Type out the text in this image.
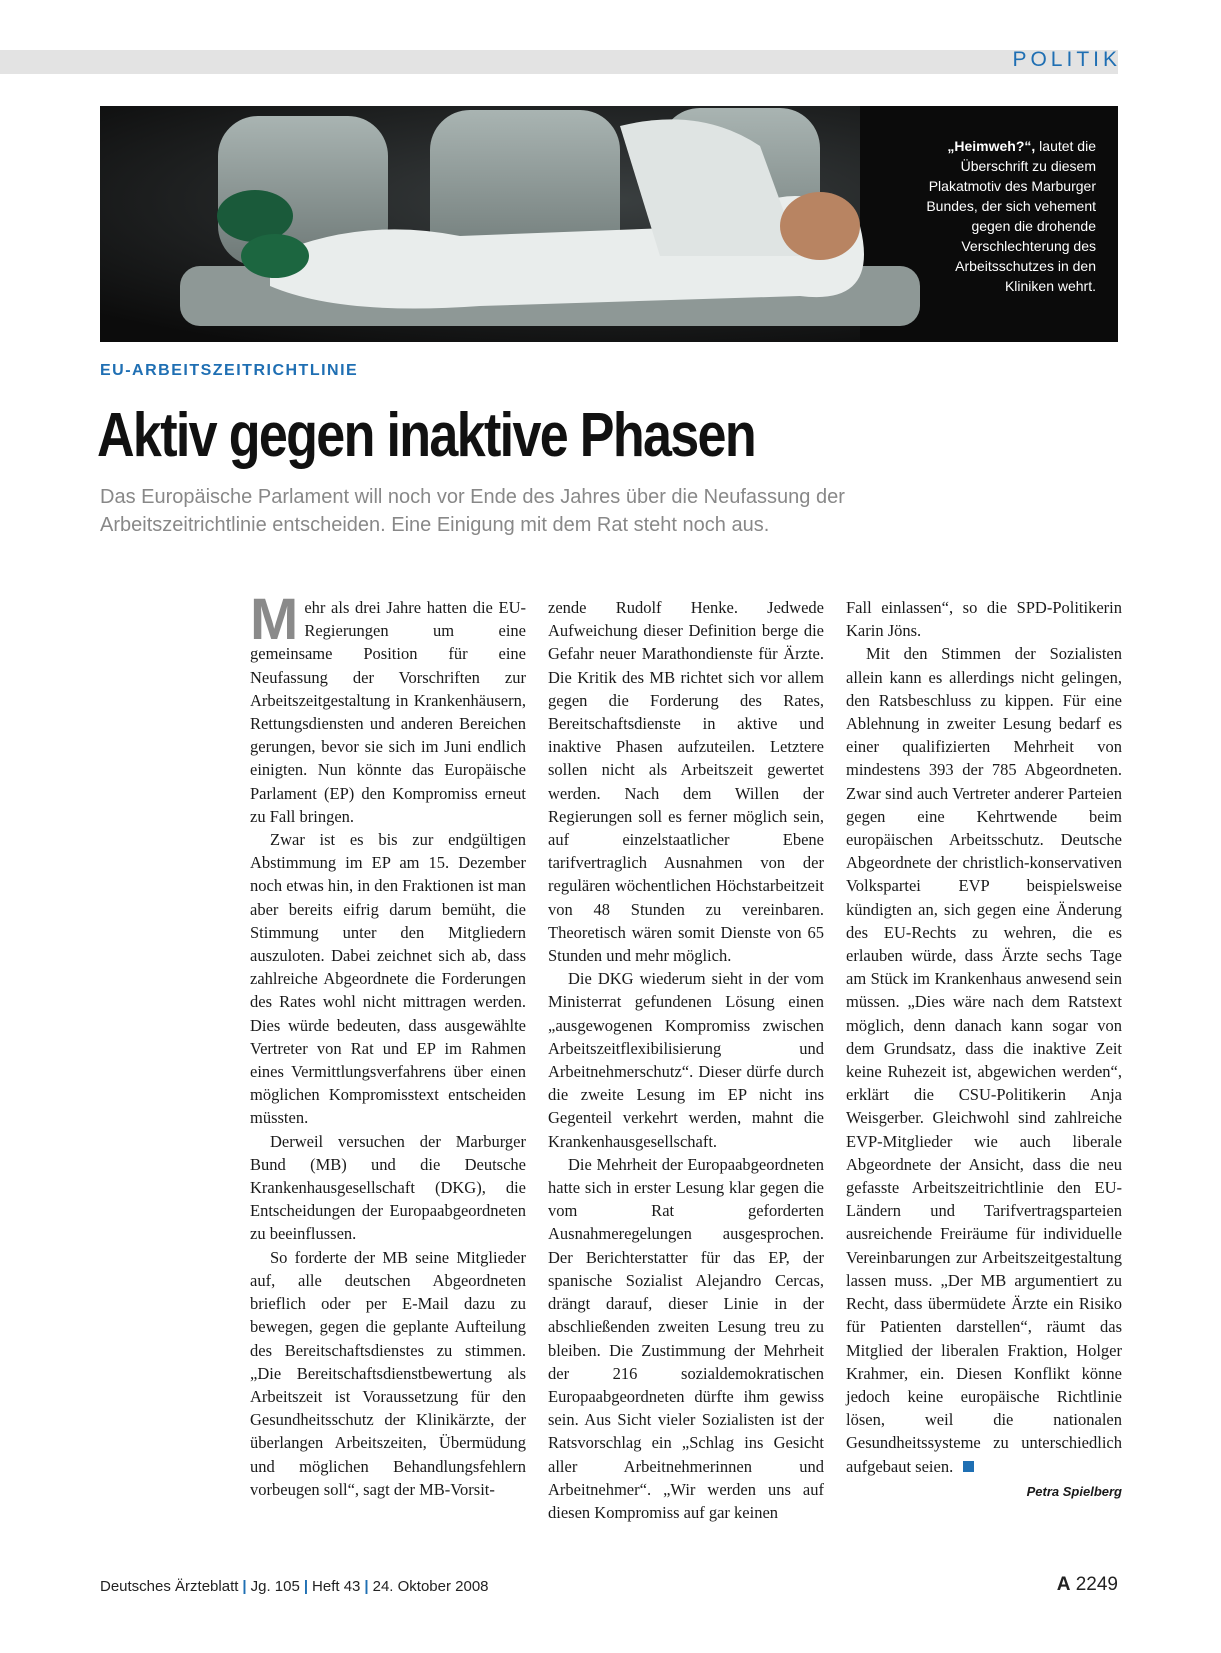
POLITIK
„Heimweh?“, lautet die Überschrift zu diesem Plakatmotiv des Marburger Bundes, der sich vehement gegen die drohende Verschlechterung des Arbeitsschutzes in den Kliniken wehrt.
EU-ARBEITSZEITRICHTLINIE
Aktiv gegen inaktive Phasen
Das Europäische Parlament will noch vor Ende des Jahres über die Neufassung der Arbeitszeitrichtlinie entscheiden. Eine Einigung mit dem Rat steht noch aus.

Mehr als drei Jahre hatten die EU-Regierungen um eine gemeinsame Position für eine Neufassung der Vorschriften zur Arbeitszeitgestaltung in Krankenhäusern, Rettungsdiensten und anderen Bereichen gerungen, bevor sie sich im Juni endlich einigten. Nun könnte das Europäische Parlament (EP) den Kompromiss erneut zu Fall bringen.

Zwar ist es bis zur endgültigen Abstimmung im EP am 15. Dezember noch etwas hin, in den Fraktionen ist man aber bereits eifrig darum bemüht, die Stimmung unter den Mitgliedern auszuloten. Dabei zeichnet sich ab, dass zahlreiche Abgeordnete die Forderungen des Rates wohl nicht mittragen werden. Dies würde bedeuten, dass ausgewählte Vertreter von Rat und EP im Rahmen eines Vermittlungsverfahrens über einen möglichen Kompromisstext entscheiden müssten.

Derweil versuchen der Marburger Bund (MB) und die Deutsche Krankenhausgesellschaft (DKG), die Entscheidungen der Europaabgeordneten zu beeinflussen.

So forderte der MB seine Mitglieder auf, alle deutschen Abgeordneten brieflich oder per E-Mail dazu zu bewegen, gegen die geplante Aufteilung des Bereitschaftsdienstes zu stimmen. „Die Bereitschaftsdienstbewertung als Arbeitszeit ist Voraussetzung für den Gesundheitsschutz der Klinikärzte, der überlangen Arbeitszeiten, Übermüdung und möglichen Behandlungsfehlern vorbeugen soll“, sagt der MB-Vorsit-

zende Rudolf Henke. Jedwede Aufweichung dieser Definition berge die Gefahr neuer Marathondienste für Ärzte. Die Kritik des MB richtet sich vor allem gegen die Forderung des Rates, Bereitschaftsdienste in aktive und inaktive Phasen aufzuteilen. Letztere sollen nicht als Arbeitszeit gewertet werden. Nach dem Willen der Regierungen soll es ferner möglich sein, auf einzelstaatlicher Ebene tarifvertraglich Ausnahmen von der regulären wöchentlichen Höchstarbeitzeit von 48 Stunden zu vereinbaren. Theoretisch wären somit Dienste von 65 Stunden und mehr möglich.

Die DKG wiederum sieht in der vom Ministerrat gefundenen Lösung einen „ausgewogenen Kompromiss zwischen Arbeitszeitflexibilisierung und Arbeitnehmerschutz“. Dieser dürfe durch die zweite Lesung im EP nicht ins Gegenteil verkehrt werden, mahnt die Krankenhausgesellschaft.

Die Mehrheit der Europaabgeordneten hatte sich in erster Lesung klar gegen die vom Rat geforderten Ausnahmeregelungen ausgesprochen. Der Berichterstatter für das EP, der spanische Sozialist Alejandro Cercas, drängt darauf, dieser Linie in der abschließenden zweiten Lesung treu zu bleiben. Die Zustimmung der Mehrheit der 216 sozialdemokratischen Europaabgeordneten dürfte ihm gewiss sein. Aus Sicht vieler Sozialisten ist der Ratsvorschlag ein „Schlag ins Gesicht aller Arbeitnehmerinnen und Arbeitnehmer“. „Wir werden uns auf diesen Kompromiss auf gar keinen

Fall einlassen“, so die SPD-Politikerin Karin Jöns.

Mit den Stimmen der Sozialisten allein kann es allerdings nicht gelingen, den Ratsbeschluss zu kippen. Für eine Ablehnung in zweiter Lesung bedarf es einer qualifizierten Mehrheit von mindestens 393 der 785 Abgeordneten. Zwar sind auch Vertreter anderer Parteien gegen eine Kehrtwende beim europäischen Arbeitsschutz. Deutsche Abgeordnete der christlich-konservativen Volkspartei EVP beispielsweise kündigten an, sich gegen eine Änderung des EU-Rechts zu wehren, die es erlauben würde, dass Ärzte sechs Tage am Stück im Krankenhaus anwesend sein müssen. „Dies wäre nach dem Ratstext möglich, denn danach kann sogar von dem Grundsatz, dass die inaktive Zeit keine Ruhezeit ist, abgewichen werden“, erklärt die CSU-Politikerin Anja Weisgerber. Gleichwohl sind zahlreiche EVP-Mitglieder wie auch liberale Abgeordnete der Ansicht, dass die neu gefasste Arbeitszeitrichtlinie den EU-Ländern und Tarifvertragsparteien ausreichende Freiräume für individuelle Vereinbarungen zur Arbeitszeitgestaltung lassen muss. „Der MB argumentiert zu Recht, dass übermüdete Ärzte ein Risiko für Patienten darstellen“, räumt das Mitglied der liberalen Fraktion, Holger Krahmer, ein. Diesen Konflikt könne jedoch keine europäische Richtlinie lösen, weil die nationalen Gesundheitssysteme zu unterschiedlich aufgebaut seien.

Petra Spielberg
Deutsches Ärzteblatt | Jg. 105 | Heft 43 | 24. Oktober 2008	A 2249
